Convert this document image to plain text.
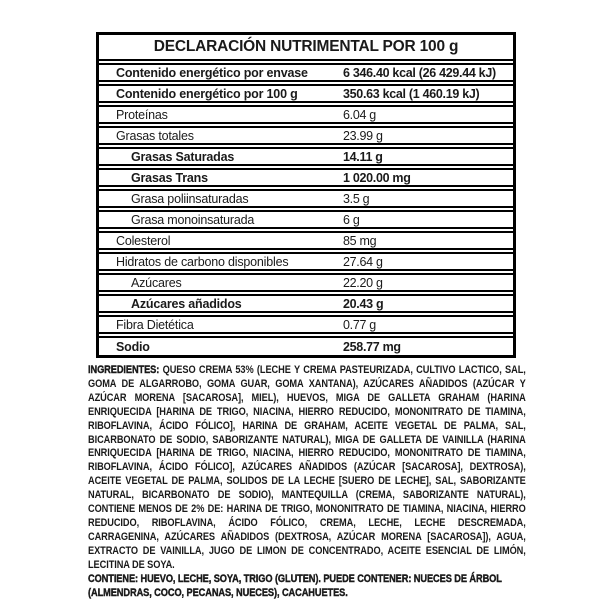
DECLARACIÓN NUTRIMENTAL POR 100 g
Contenido energético por envase	6 346.40 kcal (26 429.44 kJ)
Contenido energético por 100 g	350.63 kcal (1 460.19 kJ)
Proteínas	6.04 g
Grasas totales	23.99 g
Grasas Saturadas	14.11 g
Grasas Trans	1 020.00 mg
Grasa poliinsaturadas	3.5 g
Grasa monoinsaturada	6 g
Colesterol	85 mg
Hidratos de carbono disponibles	27.64 g
Azúcares	22.20 g
Azúcares añadidos	20.43 g
Fibra Dietética	0.77 g
Sodio	258.77 mg

INGREDIENTES: QUESO CREMA 53% (LECHE Y CREMA PASTEURIZADA, CULTIVO LACTICO, SAL, GOMA DE ALGARROBO, GOMA GUAR, GOMA XANTANA), AZÚCARES AÑADIDOS (AZÚCAR Y AZÚCAR MORENA [SACAROSA], MIEL), HUEVOS, MIGA DE GALLETA GRAHAM (HARINA ENRIQUECIDA [HARINA DE TRIGO, NIACINA, HIERRO REDUCIDO, MONONITRATO DE TIAMINA, RIBOFLAVINA, ÁCIDO FÓLICO], HARINA DE GRAHAM, ACEITE VEGETAL DE PALMA, SAL, BICARBONATO DE SODIO, SABORIZANTE NATURAL), MIGA DE GALLETA DE VAINILLA (HARINA ENRIQUECIDA [HARINA DE TRIGO, NIACINA, HIERRO REDUCIDO, MONONITRATO DE TIAMINA, RIBOFLAVINA, ÁCIDO FÓLICO], AZÚCARES AÑADIDOS (AZÚCAR [SACAROSA], DEXTROSA), ACEITE VEGETAL DE PALMA, SOLIDOS DE LA LECHE [SUERO DE LECHE], SAL, SABORIZANTE NATURAL, BICARBONATO DE SODIO), MANTEQUILLA (CREMA, SABORIZANTE NATURAL), CONTIENE MENOS DE 2% DE: HARINA DE TRIGO, MONONITRATO DE TIAMINA, NIACINA, HIERRO REDUCIDO, RIBOFLAVINA, ÁCIDO FÓLICO, CREMA, LECHE, LECHE DESCREMADA, CARRAGENINA, AZÚCARES AÑADIDOS (DEXTROSA, AZÚCAR MORENA [SACAROSA]), AGUA, EXTRACTO DE VAINILLA, JUGO DE LIMON DE CONCENTRADO, ACEITE ESENCIAL DE LIMÓN, LECITINA DE SOYA.

CONTIENE: HUEVO, LECHE, SOYA, TRIGO (GLUTEN). PUEDE CONTENER: NUECES DE ÁRBOL (ALMENDRAS, COCO, PECANAS, NUECES), CACAHUETES.
